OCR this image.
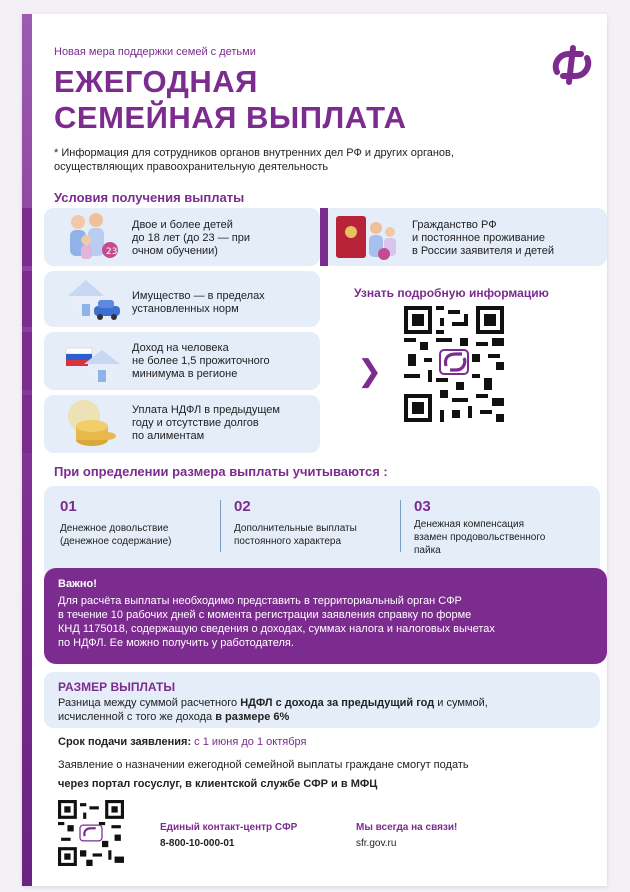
Новая мера поддержки семей с детьми
ЕЖЕГОДНАЯ
СЕМЕЙНАЯ ВЫПЛАТА
* Информация для сотрудников органов внутренних дел РФ и других органов,
осуществляющих правоохранительную деятельность
Условия получения выплаты
23
Двое и более детей
до 18 лет (до 23 — при
очном обучении)
Гражданство РФ
и постоянное проживание
в России заявителя и детей
Имущество — в пределах
установленных норм
Доход на человека
не более 1,5 прожиточного
минимума в регионе
Уплата НДФЛ в предыдущем
году и отсутствие долгов
по алиментам
Узнать подробную информацию
❯
При определении размера выплаты учитываются :
01
Денежное довольствие
(денежное содержание)
02
Дополнительные выплаты
постоянного характера
03
Денежная компенсация
взамен продовольственного
пайка
Важно!
Для расчёта выплаты необходимо представить в территориальный орган СФР
в течение 10 рабочих дней с момента регистрации заявления справку по форме
КНД 1175018, содержащую сведения о доходах, суммах налога и налоговых вычетах
по НДФЛ. Ее можно получить у работодателя.
РАЗМЕР ВЫПЛАТЫ
Разница между суммой расчетного НДФЛ с дохода за предыдущий год и суммой,
исчисленной с того же дохода в размере 6%
Срок подачи заявления: с 1 июня до 1 октября
Заявление о назначении ежегодной семейной выплаты граждане смогут подать
через портал госуслуг, в клиентской службе СФР и в МФЦ
Единый контакт-центр СФР
8-800-10-000-01
Мы всегда на связи!
sfr.gov.ru
